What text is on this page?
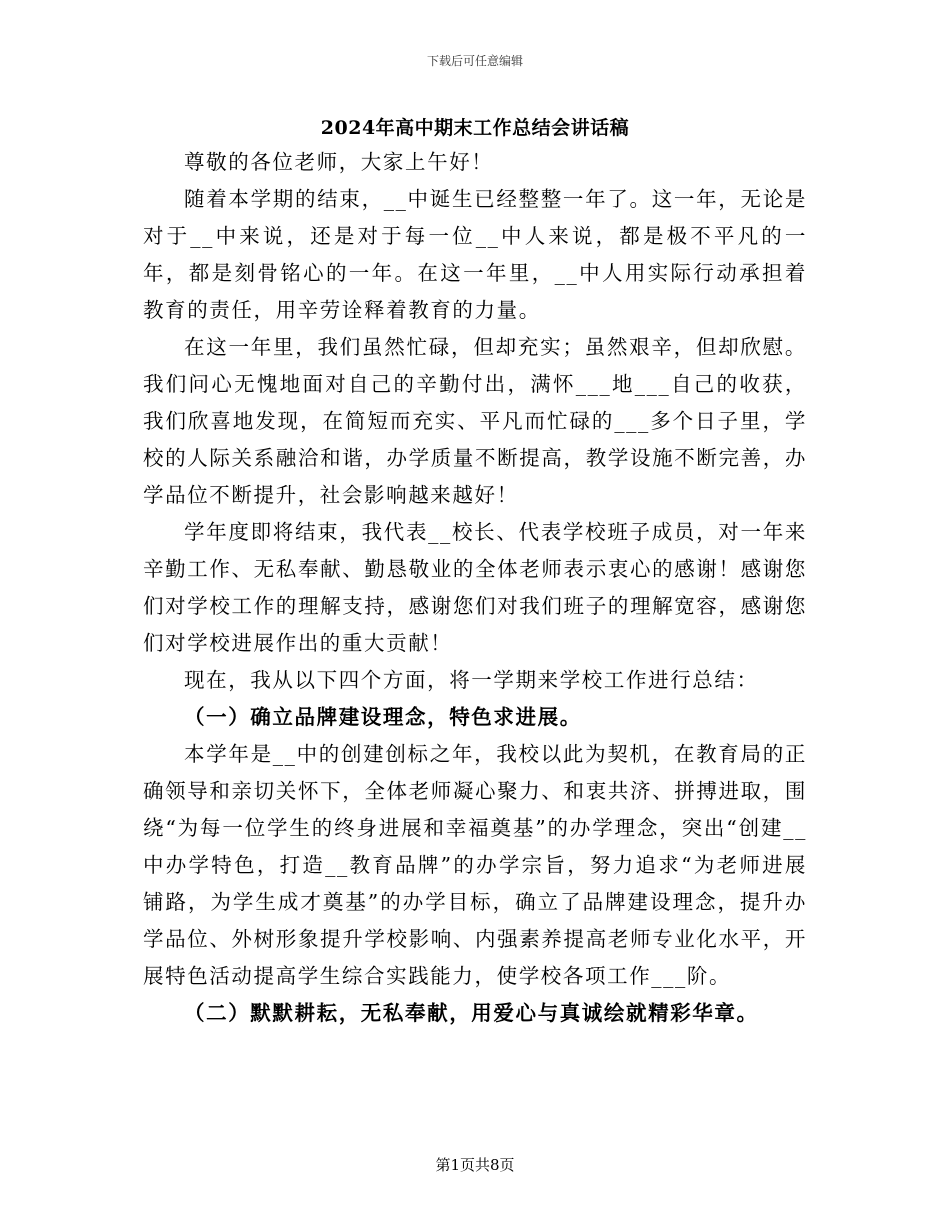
下载后可任意编辑
2024年高中期末工作总结会讲话稿

尊敬的各位老师，大家上午好！

随着本学期的结束，__中诞生已经整整一年了。这一年，无论是对于__中来说，还是对于每一位__中人来说，都是极不平凡的一年，都是刻骨铭心的一年。在这一年里，__中人用实际行动承担着教育的责任，用辛劳诠释着教育的力量。

在这一年里，我们虽然忙碌，但却充实；虽然艰辛，但却欣慰。我们问心无愧地面对自己的辛勤付出，满怀___地___自己的收获，我们欣喜地发现，在简短而充实、平凡而忙碌的___多个日子里，学校的人际关系融洽和谐，办学质量不断提高，教学设施不断完善，办学品位不断提升，社会影响越来越好！

学年度即将结束，我代表__校长、代表学校班子成员，对一年来辛勤工作、无私奉献、勤恳敬业的全体老师表示衷心的感谢！感谢您们对学校工作的理解支持，感谢您们对我们班子的理解宽容，感谢您们对学校进展作出的重大贡献！

现在，我从以下四个方面，将一学期来学校工作进行总结：

（一）确立品牌建设理念，特色求进展。

本学年是__中的创建创标之年，我校以此为契机，在教育局的正确领导和亲切关怀下，全体老师凝心聚力、和衷共济、拼搏进取，围绕“为每一位学生的终身进展和幸福奠基”的办学理念，突出“创建__中办学特色，打造__教育品牌”的办学宗旨，努力追求“为老师进展铺路，为学生成才奠基”的办学目标，确立了品牌建设理念，提升办学品位、外树形象提升学校影响、内强素养提高老师专业化水平，开展特色活动提高学生综合实践能力，使学校各项工作___阶。

（二）默默耕耘，无私奉献，用爱心与真诚绘就精彩华章。

第1页共8页
